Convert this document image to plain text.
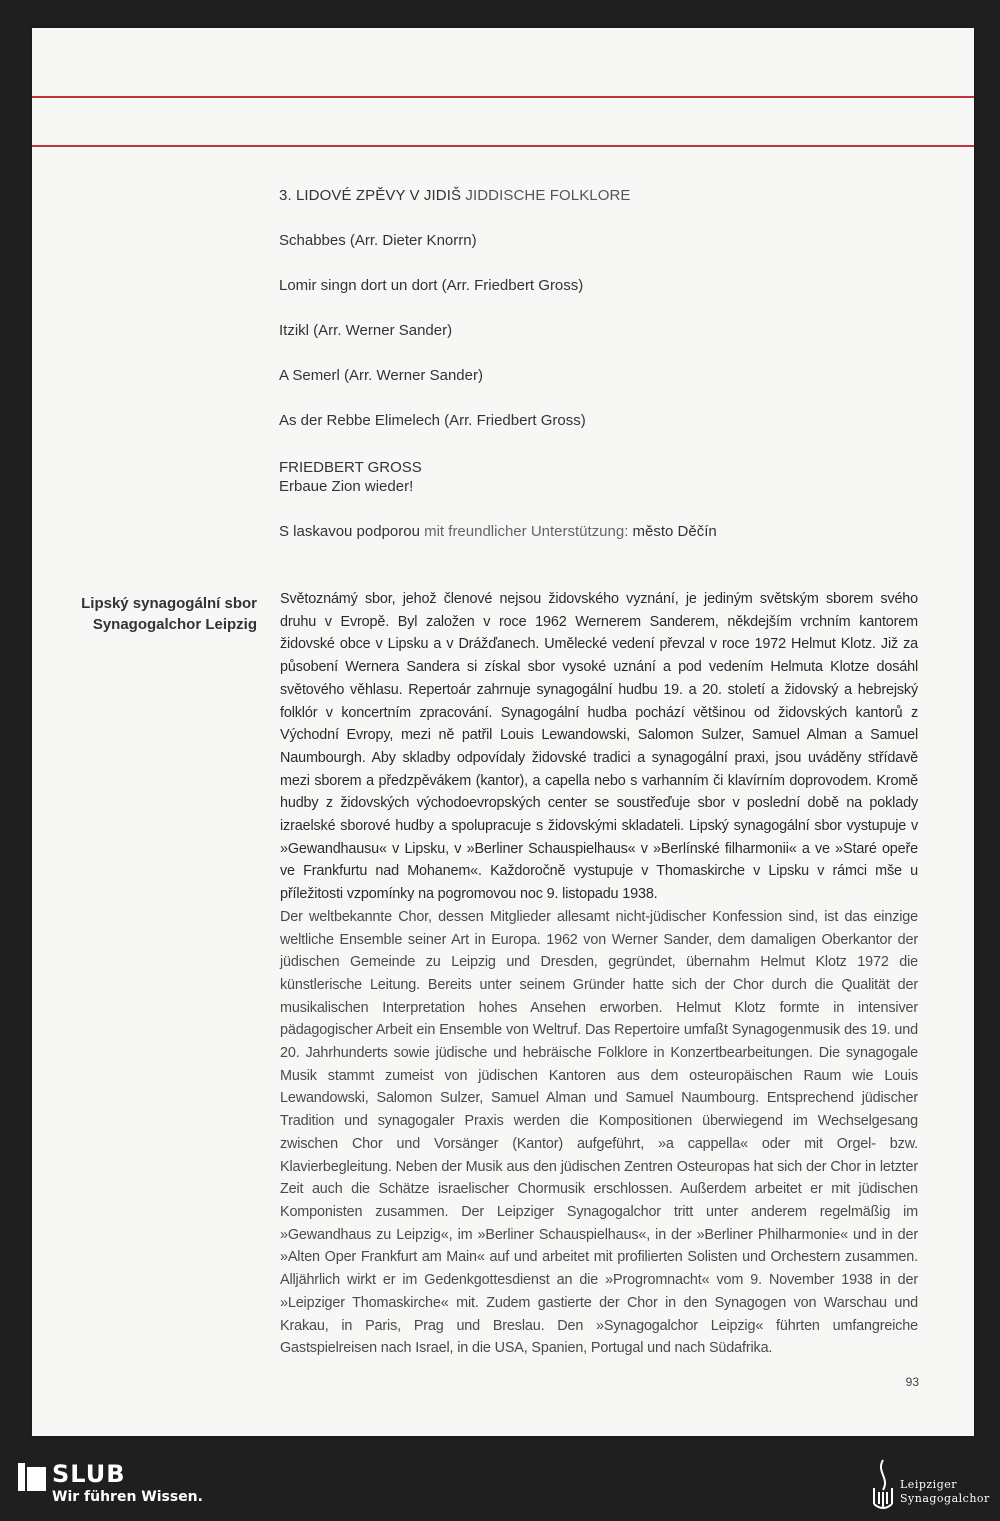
3. LIDOVÉ ZPĚVY V JIDIŠ JIDDISCHE FOLKLORE
Schabbes (Arr. Dieter Knorrn)
Lomir singn dort un dort (Arr. Friedbert Gross)
Itzikl (Arr. Werner Sander)
A Semerl (Arr. Werner Sander)
As der Rebbe Elimelech (Arr. Friedbert Gross)
FRIEDBERT GROSS
Erbaue Zion wieder!
S laskavou podporou mit freundlicher Unterstützung: město Děčín
Lipský synagogální sbor
Synagogalchor Leipzig

Světoznámý sbor, jehož členové nejsou židovského vyznání, je jediným světským sborem svého druhu v Evropě. Byl založen v roce 1962 Wernerem Sanderem, někdejším vrchním kantorem židovské obce v Lipsku a v Drážďanech. Umělecké vedení převzal v roce 1972 Helmut Klotz. Již za působení Wernera Sandera si získal sbor vysoké uznání a pod vedením Helmuta Klotze dosáhl světového věhlasu. Repertoár zahrnuje synagogální hudbu 19. a 20. století a židovský a hebrejský folklór v koncertním zpracování. Synagogální hudba pochází většinou od židovských kantorů z Východní Evropy, mezi ně patřil Louis Lewandowski, Salomon Sulzer, Samuel Alman a Samuel Naumbourgh. Aby skladby odpovídaly židovské tradici a synagogální praxi, jsou uváděny střídavě mezi sborem a předzpěvákem (kantor), a capella nebo s varhanním či klavírním doprovodem. Kromě hudby z židovských východoevropských center se soustřeďuje sbor v poslední době na poklady izraelské sborové hudby a spolupracuje s židovskými skladateli. Lipský synagogální sbor vystupuje v »Gewandhausu« v Lipsku, v »Berliner Schauspielhaus« v »Berlínské filharmonii« a ve »Staré opeře ve Frankfurtu nad Mohanem«. Každoročně vystupuje v Thomaskirche v Lipsku v rámci mše u příležitosti vzpomínky na pogromovou noc 9. listopadu 1938.

Der weltbekannte Chor, dessen Mitglieder allesamt nicht-jüdischer Konfession sind, ist das einzige weltliche Ensemble seiner Art in Europa. 1962 von Werner Sander, dem damaligen Oberkantor der jüdischen Gemeinde zu Leipzig und Dresden, gegründet, übernahm Helmut Klotz 1972 die künstlerische Leitung. Bereits unter seinem Gründer hatte sich der Chor durch die Qualität der musikalischen Interpretation hohes Ansehen erworben. Helmut Klotz formte in intensiver pädagogischer Arbeit ein Ensemble von Weltruf. Das Repertoire umfaßt Synagogenmusik des 19. und 20. Jahrhunderts sowie jüdische und hebräische Folklore in Konzertbearbeitungen. Die synagogale Musik stammt zumeist von jüdischen Kantoren aus dem osteuropäischen Raum wie Louis Lewandowski, Salomon Sulzer, Samuel Alman und Samuel Naumbourg. Entsprechend jüdischer Tradition und synagogaler Praxis werden die Kompositionen überwiegend im Wechselgesang zwischen Chor und Vorsänger (Kantor) aufgeführt, »a cappella« oder mit Orgel- bzw. Klavierbegleitung. Neben der Musik aus den jüdischen Zentren Osteuropas hat sich der Chor in letzter Zeit auch die Schätze israelischer Chormusik erschlossen. Außerdem arbeitet er mit jüdischen Komponisten zusammen. Der Leipziger Synagogalchor tritt unter anderem regelmäßig im »Gewandhaus zu Leipzig«, im »Berliner Schauspielhaus«, in der »Berliner Philharmonie« und in der »Alten Oper Frankfurt am Main« auf und arbeitet mit profilierten Solisten und Orchestern zusammen. Alljährlich wirkt er im Gedenkgottesdienst an die »Progromnacht« vom 9. November 1938 in der »Leipziger Thomaskirche« mit. Zudem gastierte der Chor in den Synagogen von Warschau und Krakau, in Paris, Prag und Breslau. Den »Synagogalchor Leipzig« führten umfangreiche Gastspielreisen nach Israel, in die USA, Spanien, Portugal und nach Südafrika.

93
SLUB
Wir führen Wissen.
Leipziger
Synagogalchor
